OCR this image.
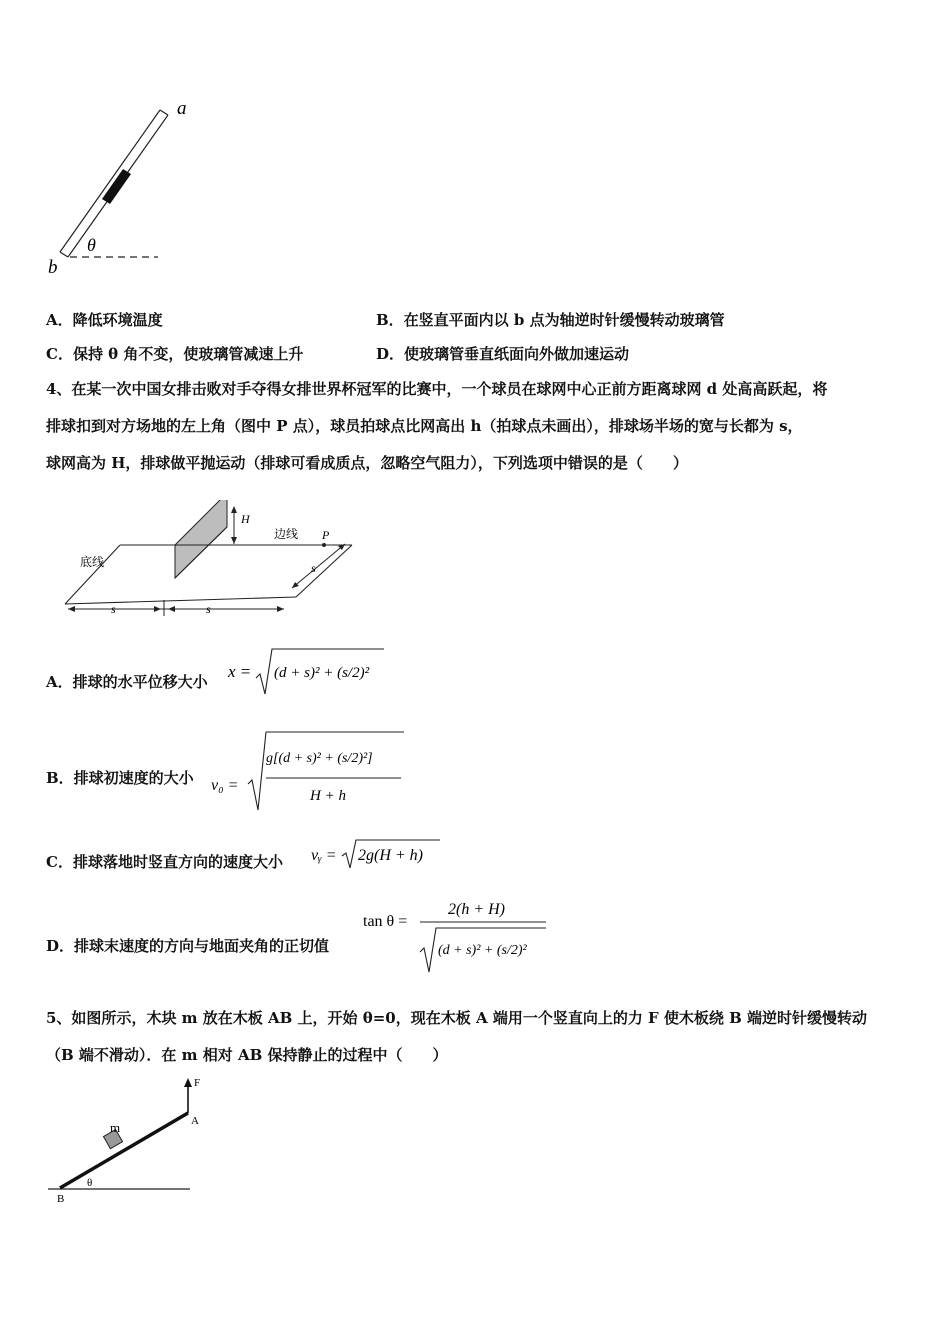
a
b
θ
A．降低环境温度	B．在竖直平面内以 b 点为轴逆时针缓慢转动玻璃管
C．保持 θ 角不变，使玻璃管减速上升	D．使玻璃管垂直纸面向外做加速运动
4、在某一次中国女排击败对手夺得女排世界杯冠军的比赛中，一个球员在球网中心正前方距离球网 d 处高高跃起，将
排球扣到对方场地的左上角（图中 P 点），球员拍球点比网高出 h（拍球点未画出），排球场半场的宽与长都为 s，
球网高为 H，排球做平抛运动（排球可看成质点，忽略空气阻力），下列选项中错误的是（　　）
H
边线 P
底线	s
s	s
A．排球的水平位移大小
x = (d + s)² + (s/2)²
B．排球初速度的大小 v₀ =
g[(d + s)² + (s/2)²]
H + h
C．排球落地时竖直方向的速度大小 vᵧ = 2g(H + h)
D．排球末速度的方向与地面夹角的正切值
tan θ =
2(h + H)
(d + s)² + (s/2)²
5、如图所示，木块 m 放在木板 AB 上，开始 θ=0，现在木板 A 端用一个竖直向上的力 F 使木板绕 B 端逆时针缓慢转动
（B 端不滑动）．在 m 相对 AB 保持静止的过程中（　　）
F
A
m
B
θ
